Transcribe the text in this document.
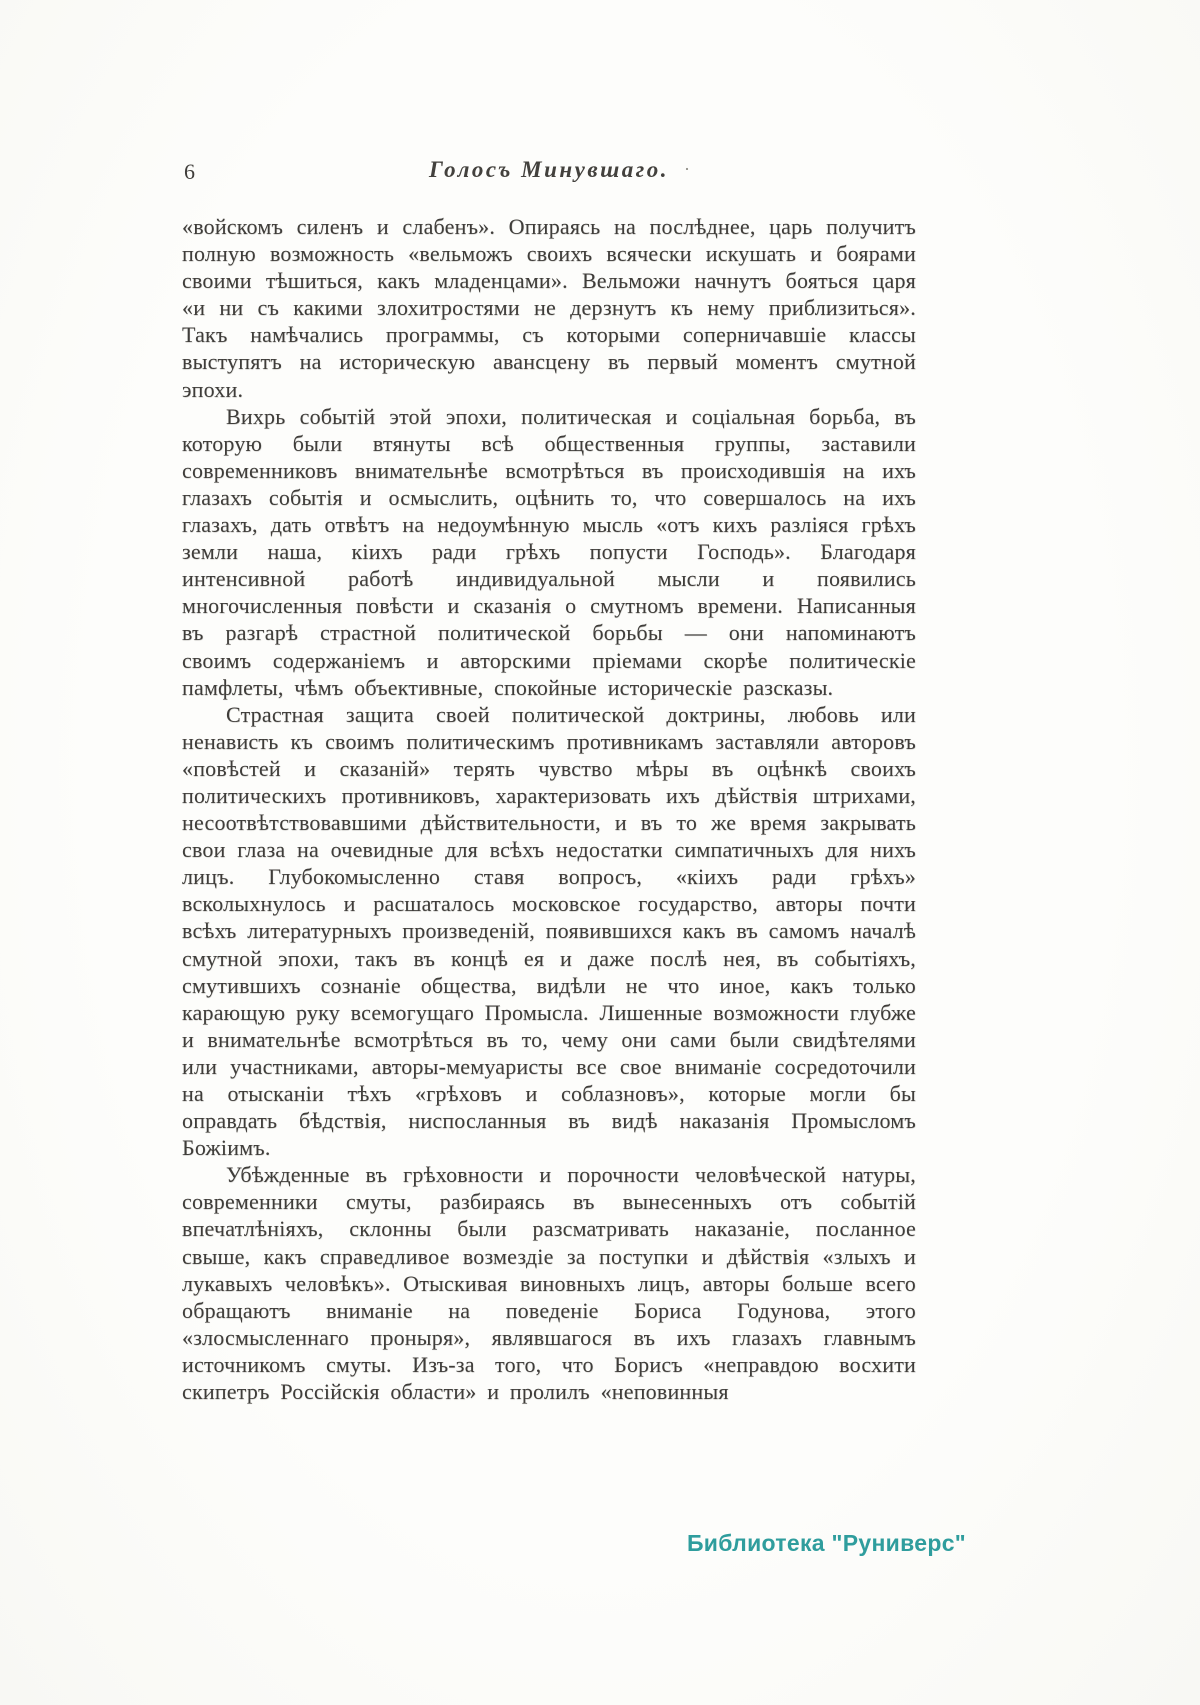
6	Голосъ Минувшаго. ·

«войскомъ силенъ и слабенъ». Опираясь на послѣднее, царь получитъ полную возможность «вельможъ своихъ всячески искушать и боярами своими тѣшиться, какъ младенцами». Вельможи начнутъ бояться царя «и ни съ какими злохитростями не дерзнутъ къ нему приблизиться». Такъ намѣчались программы, съ которыми соперничавшіе классы выступятъ на историческую авансцену въ первый моментъ смутной эпохи.

Вихрь событій этой эпохи, политическая и соціальная борьба, въ которую были втянуты всѣ общественныя группы, заставили современниковъ внимательнѣе всмотрѣться въ происходившія на ихъ глазахъ событія и осмыслить, оцѣнить то, что совершалось на ихъ глазахъ, дать отвѣтъ на недоумѣнную мысль «отъ кихъ разліяся грѣхъ земли наша, кіихъ ради грѣхъ попусти Господь». Благодаря интенсивной работѣ индивидуальной мысли и появились многочисленныя повѣсти и сказанія о смутномъ времени. Написанныя въ разгарѣ страстной политической борьбы — они напоминаютъ своимъ содержаніемъ и авторскими пріемами скорѣе политическіе памфлеты, чѣмъ объективные, спокойные историческіе разсказы.

Страстная защита своей политической доктрины, любовь или ненависть къ своимъ политическимъ противникамъ заставляли авторовъ «повѣстей и сказаній» терять чувство мѣры въ оцѣнкѣ своихъ политическихъ противниковъ, характеризовать ихъ дѣйствія штрихами, несоотвѣтствовавшими дѣйствительности, и въ то же время закрывать свои глаза на очевидные для всѣхъ недостатки симпатичныхъ для нихъ лицъ. Глубокомысленно ставя вопросъ, «кіихъ ради грѣхъ» всколыхнулось и расшаталось московское государство, авторы почти всѣхъ литературныхъ произведеній, появившихся какъ въ самомъ началѣ смутной эпохи, такъ въ концѣ ея и даже послѣ нея, въ событіяхъ, смутившихъ сознаніе общества, видѣли не что иное, какъ только карающую руку всемогущаго Промысла. Лишенные возможности глубже и внимательнѣе всмотрѣться въ то, чему они сами были свидѣтелями или участниками, авторы-мемуаристы все свое вниманіе сосредоточили на отысканіи тѣхъ «грѣховъ и соблазновъ», которые могли бы оправдать бѣдствія, ниспосланныя въ видѣ наказанія Промысломъ Божіимъ.

Убѣжденные въ грѣховности и порочности человѣческой натуры, современники смуты, разбираясь въ вынесенныхъ отъ событій впечатлѣніяхъ, склонны были разсматривать наказаніе, посланное свыше, какъ справедливое возмездіе за поступки и дѣйствія «злыхъ и лукавыхъ человѣкъ». Отыскивая виновныхъ лицъ, авторы больше всего обращаютъ вниманіе на поведеніе Бориса Годунова, этого «злосмысленнаго проныря», являвшагося въ ихъ глазахъ главнымъ источникомъ смуты. Изъ-за того, что Борисъ «неправдою восхити скипетръ Россійскія области» и пролилъ «неповинныя

Библиотека "Руниверс"
